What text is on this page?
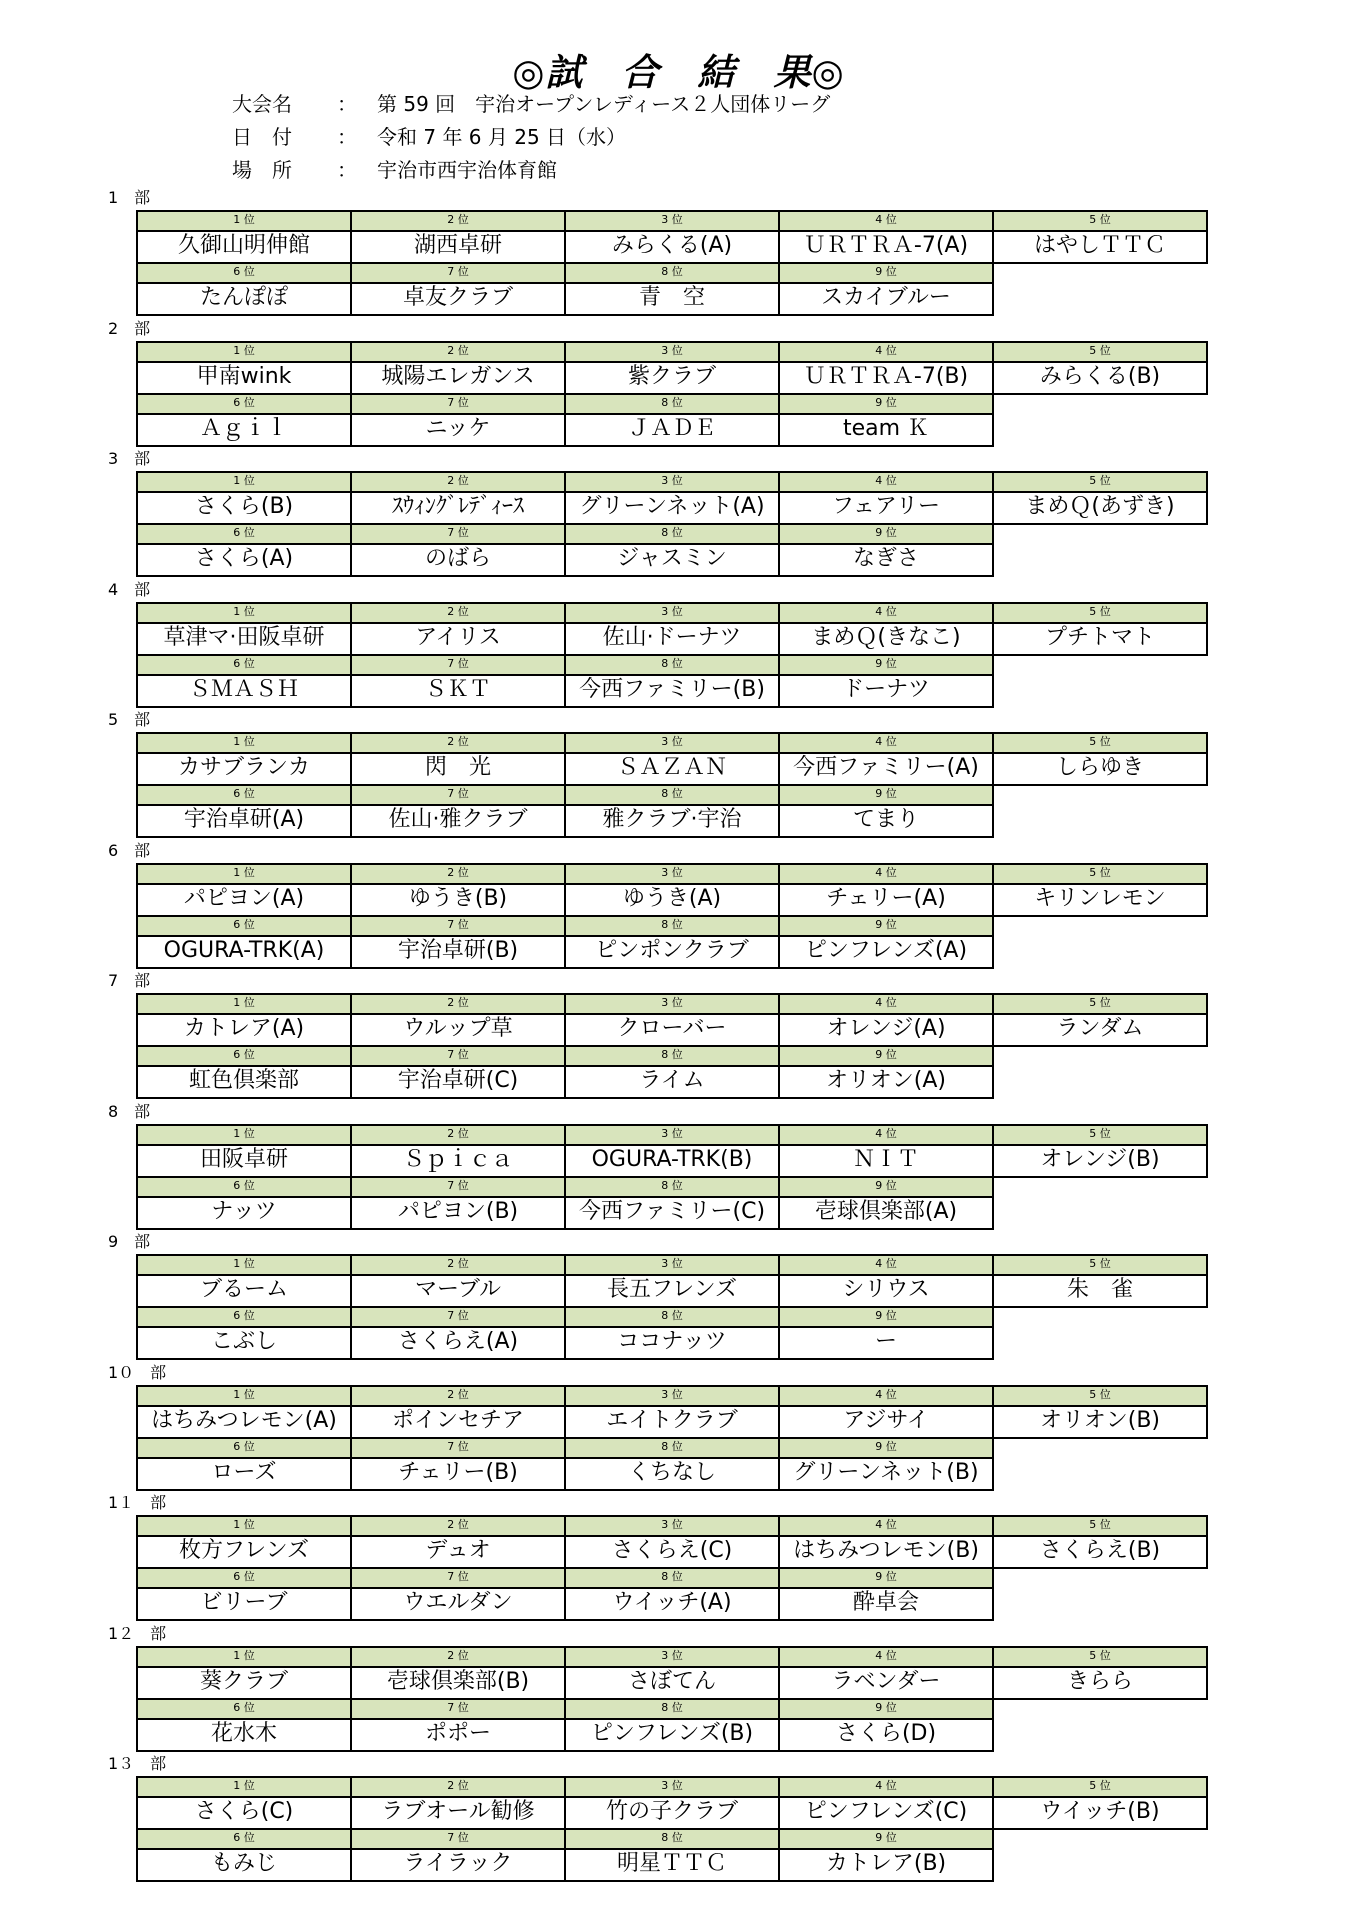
◎試　合　結　果◎
大会名 ： 第 59 回　宇治オープンレディース２人団体リーグ
日　付 ： 令和 7 年 6 月 25 日（水）
場　所 ： 宇治市西宇治体育館
1　部
1 位
久御山明伸館
2 位
湖西卓研
3 位
みらくる(A)
4 位
ＵＲＴＲＡ-7(A)
5 位
はやしＴＴＣ
6 位
たんぽぽ
7 位
卓友クラブ
8 位
青　空
9 位
スカイブルー
2　部
1 位
甲南wink
2 位
城陽エレガンス
3 位
紫クラブ
4 位
ＵＲＴＲＡ-7(B)
5 位
みらくる(B)
6 位
Ａｇｉｌ
7 位
ニッケ
8 位
ＪＡＤＥ
9 位
team Ｋ
3　部
1 位
さくら(B)
2 位
ｽｳｨﾝｸﾞﾚﾃﾞｨｰｽ
3 位
グリーンネット(A)
4 位
フェアリー
5 位
まめＱ(あずき)
6 位
さくら(A)
7 位
のばら
8 位
ジャスミン
9 位
なぎさ
4　部
1 位
草津マ·田阪卓研
2 位
アイリス
3 位
佐山·ドーナツ
4 位
まめＱ(きなこ)
5 位
プチトマト
6 位
ＳＭＡＳＨ
7 位
ＳＫＴ
8 位
今西ファミリー(B)
9 位
ドーナツ
5　部
1 位
カサブランカ
2 位
閃　光
3 位
ＳＡＺＡＮ
4 位
今西ファミリー(A)
5 位
しらゆき
6 位
宇治卓研(A)
7 位
佐山·雅クラブ
8 位
雅クラブ·宇治
9 位
てまり
6　部
1 位
パピヨン(A)
2 位
ゆうき(B)
3 位
ゆうき(A)
4 位
チェリー(A)
5 位
キリンレモン
6 位
OGURA-TRK(A)
7 位
宇治卓研(B)
8 位
ピンポンクラブ
9 位
ピンフレンズ(A)
7　部
1 位
カトレア(A)
2 位
ウルップ草
3 位
クローバー
4 位
オレンジ(A)
5 位
ランダム
6 位
虹色倶楽部
7 位
宇治卓研(C)
8 位
ライム
9 位
オリオン(A)
8　部
1 位
田阪卓研
2 位
Ｓｐｉｃａ
3 位
OGURA-TRK(B)
4 位
ＮＩＴ
5 位
オレンジ(B)
6 位
ナッツ
7 位
パピヨン(B)
8 位
今西ファミリー(C)
9 位
壱球倶楽部(A)
9　部
1 位
ブるーム
2 位
マーブル
3 位
長五フレンズ
4 位
シリウス
5 位
朱　雀
6 位
こぶし
7 位
さくらえ(A)
8 位
ココナッツ
9 位
ー
1０　部
1 位
はちみつレモン(A)
2 位
ポインセチア
3 位
エイトクラブ
4 位
アジサイ
5 位
オリオン(B)
6 位
ローズ
7 位
チェリー(B)
8 位
くちなし
9 位
グリーンネット(B)
1１　部
1 位
枚方フレンズ
2 位
デュオ
3 位
さくらえ(C)
4 位
はちみつレモン(B)
5 位
さくらえ(B)
6 位
ビリーブ
7 位
ウエルダン
8 位
ウイッチ(A)
9 位
酔卓会
1２　部
1 位
葵クラブ
2 位
壱球倶楽部(B)
3 位
さぼてん
4 位
ラベンダー
5 位
きらら
6 位
花水木
7 位
ポポー
8 位
ピンフレンズ(B)
9 位
さくら(D)
1３　部
1 位
さくら(C)
2 位
ラブオール勧修
3 位
竹の子クラブ
4 位
ピンフレンズ(C)
5 位
ウイッチ(B)
6 位
もみじ
7 位
ライラック
8 位
明星ＴＴＣ
9 位
カトレア(B)
